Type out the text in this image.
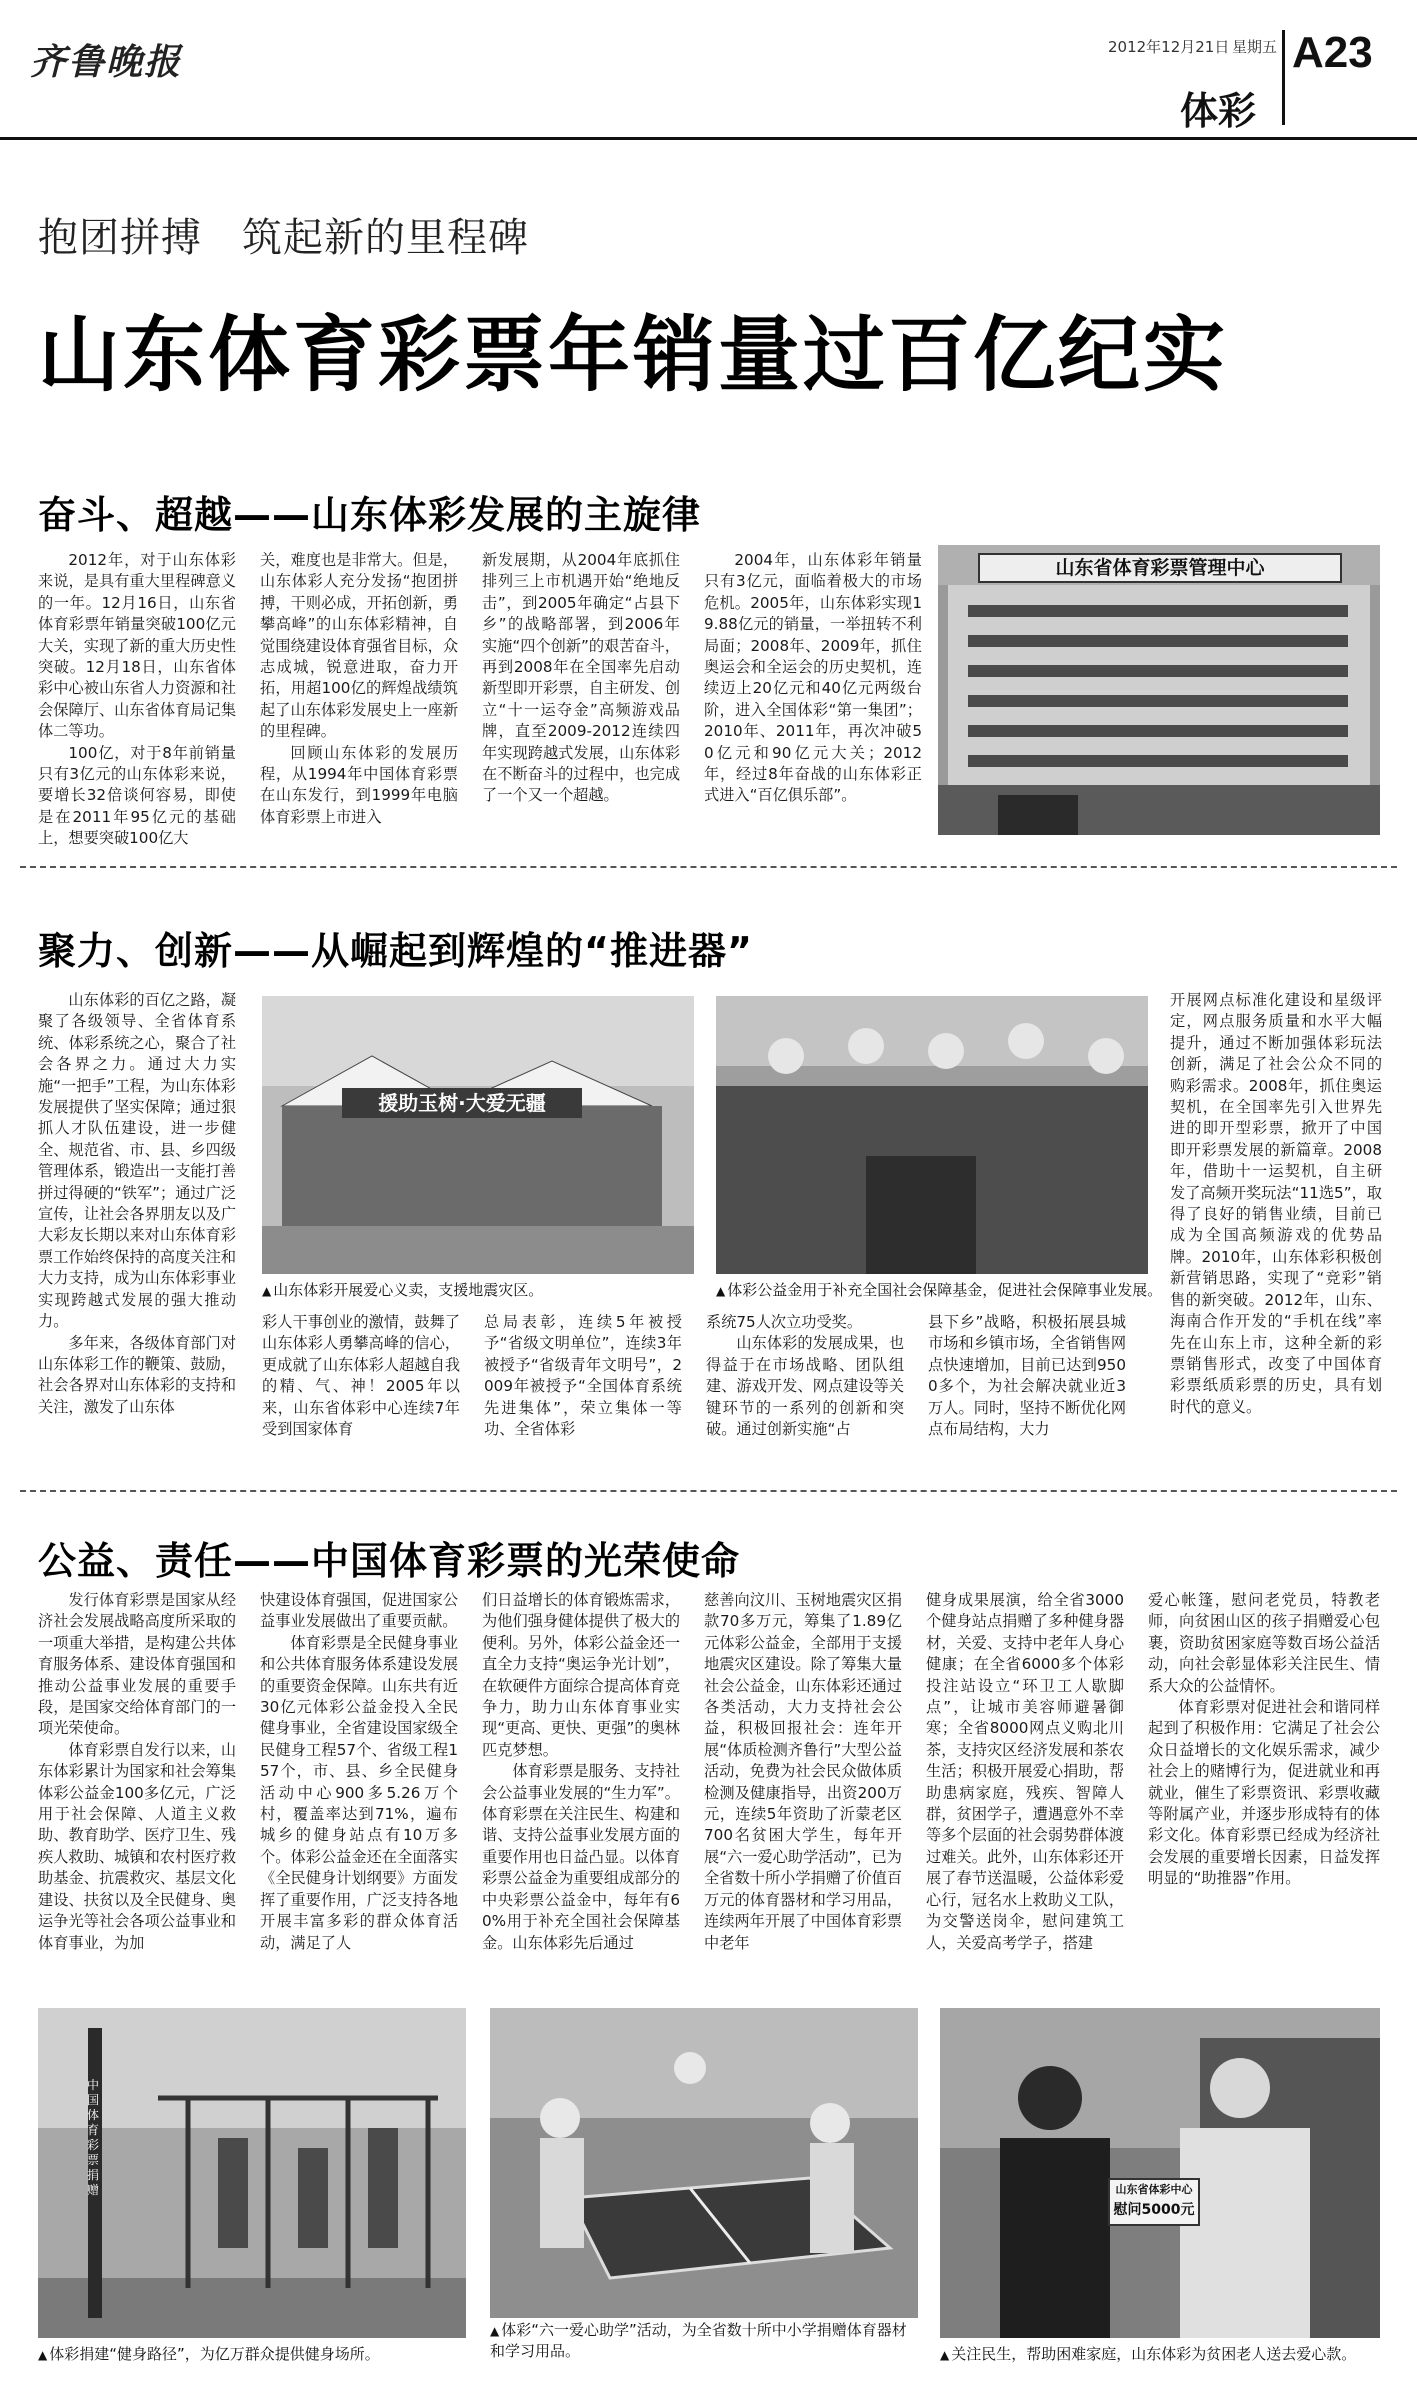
齐鲁晚报	2012年12月21日 星期五 A23
体彩
抱团拼搏 筑起新的里程碑
山东体育彩票年销量过百亿纪实
奋斗、超越——山东体彩发展的主旋律

2012年，对于山东体彩来说，是具有重大里程碑意义的一年。12月16日，山东省体育彩票年销量突破100亿元大关，实现了新的重大历史性突破。12月18日，山东省体彩中心被山东省人力资源和社会保障厅、山东省体育局记集体二等功。

100亿，对于8年前销量只有3亿元的山东体彩来说，要增长32倍谈何容易，即使是在2011年95亿元的基础上，想要突破100亿大

关，难度也是非常大。但是，山东体彩人充分发扬“抱团拼搏，干则必成，开拓创新，勇攀高峰”的山东体彩精神，自觉围绕建设体育强省目标，众志成城，锐意进取，奋力开拓，用超100亿的辉煌战绩筑起了山东体彩发展史上一座新的里程碑。

回顾山东体彩的发展历程，从1994年中国体育彩票在山东发行，到1999年电脑体育彩票上市进入

新发展期，从2004年底抓住排列三上市机遇开始“绝地反击”，到2005年确定“占县下乡”的战略部署，到2006年实施“四个创新”的艰苦奋斗，再到2008年在全国率先启动新型即开彩票，自主研发、创立“十一运夺金”高频游戏品牌，直至2009-2012连续四年实现跨越式发展，山东体彩在不断奋斗的过程中，也完成了一个又一个超越。

2004年，山东体彩年销量只有3亿元，面临着极大的市场危机。2005年，山东体彩实现19.88亿元的销量，一举扭转不利局面；2008年、2009年，抓住奥运会和全运会的历史契机，连续迈上20亿元和40亿元两级台阶，进入全国体彩“第一集团”；2010年、2011年，再次冲破50亿元和90亿元大关；2012年，经过8年奋战的山东体彩正式进入“百亿俱乐部”。

山东省体育彩票管理中心
聚力、创新——从崛起到辉煌的“推进器”

山东体彩的百亿之路，凝聚了各级领导、全省体育系统、体彩系统之心，聚合了社会各界之力。通过大力实施“一把手”工程，为山东体彩发展提供了坚实保障；通过狠抓人才队伍建设，进一步健全、规范省、市、县、乡四级管理体系，锻造出一支能打善拼过得硬的“铁军”；通过广泛宣传，让社会各界朋友以及广大彩友长期以来对山东体育彩票工作始终保持的高度关注和大力支持，成为山东体彩事业实现跨越式发展的强大推动力。

多年来，各级体育部门对山东体彩工作的鞭策、鼓励，社会各界对山东体彩的支持和关注，激发了山东体

援助玉树·大爱无疆
▲ 山东体彩开展爱心义卖，支援地震灾区。	▲ 体彩公益金用于补充全国社会保障基金，促进社会保障事业发展。

彩人干事创业的激情，鼓舞了山东体彩人勇攀高峰的信心，更成就了山东体彩人超越自我的精、气、神！2005年以来，山东省体彩中心连续7年受到国家体育

总局表彰，连续5年被授予“省级文明单位”，连续3年被授予“省级青年文明号”，2009年被授予“全国体育系统先进集体”，荣立集体一等功、全省体彩

系统75人次立功受奖。

山东体彩的发展成果，也得益于在市场战略、团队组建、游戏开发、网点建设等关键环节的一系列的创新和突破。通过创新实施“占

县下乡”战略，积极拓展县城市场和乡镇市场，全省销售网点快速增加，目前已达到9500多个，为社会解决就业近3万人。同时，坚持不断优化网点布局结构，大力

开展网点标准化建设和星级评定，网点服务质量和水平大幅提升，通过不断加强体彩玩法创新，满足了社会公众不同的购彩需求。2008年，抓住奥运契机，在全国率先引入世界先进的即开型彩票，掀开了中国即开彩票发展的新篇章。2008年，借助十一运契机，自主研发了高频开奖玩法“11选5”，取得了良好的销售业绩，目前已成为全国高频游戏的优势品牌。2010年，山东体彩积极创新营销思路，实现了“竞彩”销售的新突破。2012年，山东、海南合作开发的“手机在线”率先在山东上市，这种全新的彩票销售形式，改变了中国体育彩票纸质彩票的历史，具有划时代的意义。

公益、责任——中国体育彩票的光荣使命

发行体育彩票是国家从经济社会发展战略高度所采取的一项重大举措，是构建公共体育服务体系、建设体育强国和推动公益事业发展的重要手段，是国家交给体育部门的一项光荣使命。

体育彩票自发行以来，山东体彩累计为国家和社会筹集体彩公益金100多亿元，广泛用于社会保障、人道主义救助、教育助学、医疗卫生、残疾人救助、城镇和农村医疗救助基金、抗震救灾、基层文化建设、扶贫以及全民健身、奥运争光等社会各项公益事业和体育事业，为加

快建设体育强国，促进国家公益事业发展做出了重要贡献。

体育彩票是全民健身事业和公共体育服务体系建设发展的重要资金保障。山东共有近30亿元体彩公益金投入全民健身事业，全省建设国家级全民健身工程57个、省级工程157个，市、县、乡全民健身活动中心900多5.26万个村，覆盖率达到71%，遍布城乡的健身站点有10万多个。体彩公益金还在全面落实《全民健身计划纲要》方面发挥了重要作用，广泛支持各地开展丰富多彩的群众体育活动，满足了人

们日益增长的体育锻炼需求，为他们强身健体提供了极大的便利。另外，体彩公益金还一直全力支持“奥运争光计划”，在软硬件方面综合提高体育竞争力，助力山东体育事业实现“更高、更快、更强”的奥林匹克梦想。

体育彩票是服务、支持社会公益事业发展的“生力军”。体育彩票在关注民生、构建和谐、支持公益事业发展方面的重要作用也日益凸显。以体育彩票公益金为重要组成部分的中央彩票公益金中，每年有60%用于补充全国社会保障基金。山东体彩先后通过

慈善向汶川、玉树地震灾区捐款70多万元，筹集了1.89亿元体彩公益金，全部用于支援地震灾区建设。除了筹集大量社会公益金，山东体彩还通过各类活动，大力支持社会公益，积极回报社会：连年开展“体质检测齐鲁行”大型公益活动，免费为社会民众做体质检测及健康指导，出资200万元，连续5年资助了沂蒙老区700名贫困大学生，每年开展“六一爱心助学活动”，已为全省数十所小学捐赠了价值百万元的体育器材和学习用品，连续两年开展了中国体育彩票中老年

健身成果展演，给全省3000个健身站点捐赠了多种健身器材，关爱、支持中老年人身心健康；在全省6000多个体彩投注站设立“环卫工人歇脚点”，让城市美容师避暑御寒；全省8000网点义购北川茶，支持灾区经济发展和茶农生活；积极开展爱心捐助，帮助患病家庭，残疾、智障人群，贫困学子，遭遇意外不幸等多个层面的社会弱势群体渡过难关。此外，山东体彩还开展了春节送温暖，公益体彩爱心行，冠名水上救助义工队，为交警送岗伞，慰问建筑工人，关爱高考学子，搭建

爱心帐篷，慰问老党员，特教老师，向贫困山区的孩子捐赠爱心包裹，资助贫困家庭等数百场公益活动，向社会彰显体彩关注民生、情系大众的公益情怀。

体育彩票对促进社会和谐同样起到了积极作用：它满足了社会公众日益增长的文化娱乐需求，减少社会上的赌博行为，促进就业和再就业，催生了彩票资讯、彩票收藏等附属产业，并逐步形成特有的体彩文化。体育彩票已经成为经济社会发展的重要增长因素，日益发挥明显的“助推器”作用。

中国体育彩票捐赠
▲ 体彩捐建“健身路径”，为亿万群众提供健身场所。
▲ 体彩“六一爱心助学”活动，为全省数十所中小学捐赠体育器材和学习用品。
山东省体彩中心
慰问5000元
▲ 关注民生，帮助困难家庭，山东体彩为贫困老人送去爱心款。
